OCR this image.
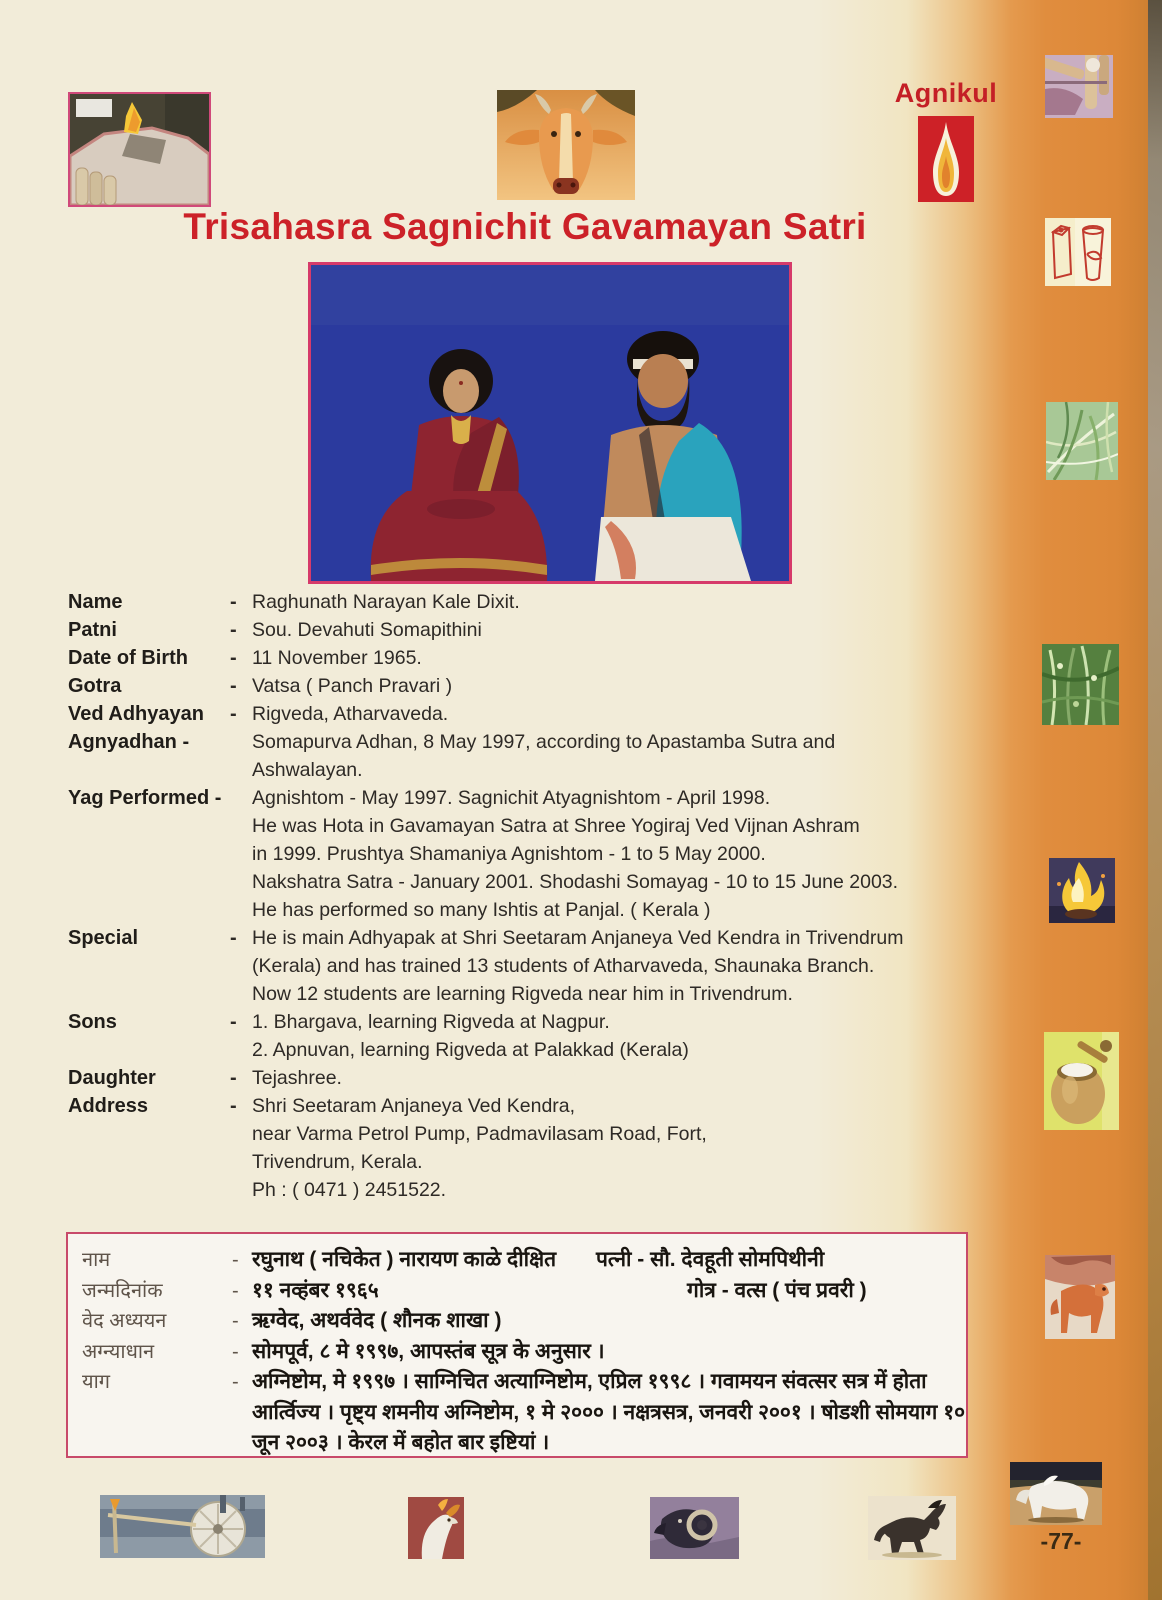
Agnikul
Trisahasra Sagnichit Gavamayan Satri
Name	- Raghunath Narayan Kale Dixit.
Patni	- Sou. Devahuti Somapithini
Date of Birth	- 11 November 1965.
Gotra	- Vatsa ( Panch Pravari )
Ved Adhyayan	- Rigveda, Atharvaveda.
Agnyadhan -	Somapurva Adhan, 8 May 1997, according to Apastamba Sutra and
Ashwalayan.
Yag Performed -	Agnishtom - May 1997. Sagnichit Atyagnishtom - April 1998.
He was Hota in Gavamayan Satra at Shree Yogiraj Ved Vijnan Ashram
in 1999. Prushtya Shamaniya Agnishtom - 1 to 5 May 2000.
Nakshatra Satra - January 2001. Shodashi Somayag - 10 to 15 June 2003.
He has performed so many Ishtis at Panjal. ( Kerala )
Special	- He is main Adhyapak at Shri Seetaram Anjaneya Ved Kendra in Trivendrum
(Kerala) and has trained 13 students of Atharvaveda, Shaunaka Branch.
Now 12 students are learning Rigveda near him in Trivendrum.
Sons	- 1. Bhargava, learning Rigveda at Nagpur.
2. Apnuvan, learning Rigveda at Palakkad (Kerala)
Daughter	- Tejashree.
Address	- Shri Seetaram Anjaneya Ved Kendra,
near Varma Petrol Pump, Padmavilasam Road, Fort,
Trivendrum, Kerala.
Ph : ( 0471 ) 2451522.
नाम	- रघुनाथ ( नचिकेत ) नारायण काळे दीक्षित पत्नी - सौ. देवहूती सोमपिथीनी
जन्मदिनांक	- ११ नव्हंबर १९६५	गोत्र - वत्स ( पंच प्रवरी )
वेद अध्ययन	- ऋग्वेद, अथर्ववेद ( शौनक शाखा )
अग्न्याधान	- सोमपूर्व, ८ मे १९९७, आपस्तंब सूत्र के अनुसार ।
याग	- अग्निष्टोम, मे १९९७ । साग्निचित अत्याग्निष्टोम, एप्रिल १९९८ । गवामयन संवत्सर सत्र में होता
आर्त्विज्य । पृष्ट्य शमनीय अग्निष्टोम, १ मे २००० । नक्षत्रसत्र, जनवरी २००१ । षोडशी सोमयाग १०
जून २००३ । केरल में बहोत बार इष्टियां ।
-77-
